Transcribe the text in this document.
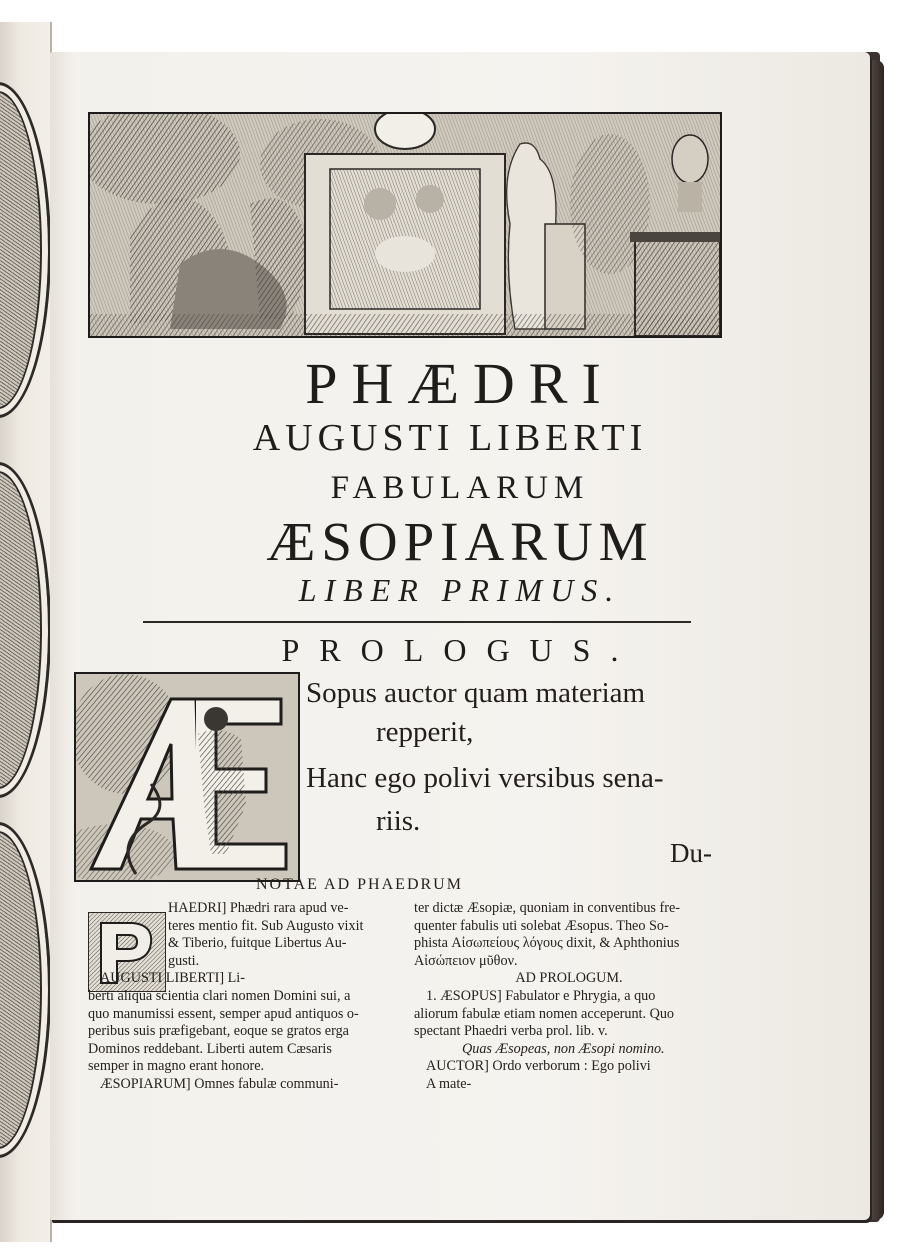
PHÆDRI
AUGUSTI LIBERTI
FABULARUM
ÆSOPIARUM
LIBER PRIMUS.
PROLOGUS.
Sopus auctor quam materiam
repperit,
Hanc ego polivi versibus sena-
riis.
Du-
NOTAE AD PHAEDRUM
HAEDRI] Phædri rara apud ve-
teres mentio fit. Sub Augusto vixit
& Tiberio, fuitque Libertus Au-
gusti.
AUGUSTI LIBERTI] Li-
berti aliqua scientia clari nomen Domini sui, a
quo manumissi essent, semper apud antiquos o-
peribus suis præfigebant, eoque se gratos erga
Dominos reddebant. Liberti autem Cæsaris
semper in magno erant honore.
ÆSOPIARUM] Omnes fabulæ communi-
ter dictæ Æsopiæ, quoniam in conventibus fre-
quenter fabulis uti solebat Æsopus. Theo So-
phista Αἰσωπείους λόγους dixit, & Aphthonius
Αἰσώπειον μῦθον.
AD PROLOGUM.
1. ÆSOPUS] Fabulator e Phrygia, a quo
aliorum fabulæ etiam nomen acceperunt. Quo
spectant Phaedri verba prol. lib. v.
Quas Æsopeas, non Æsopi nomino.
AUCTOR] Ordo verborum : Ego polivi
A mate-
